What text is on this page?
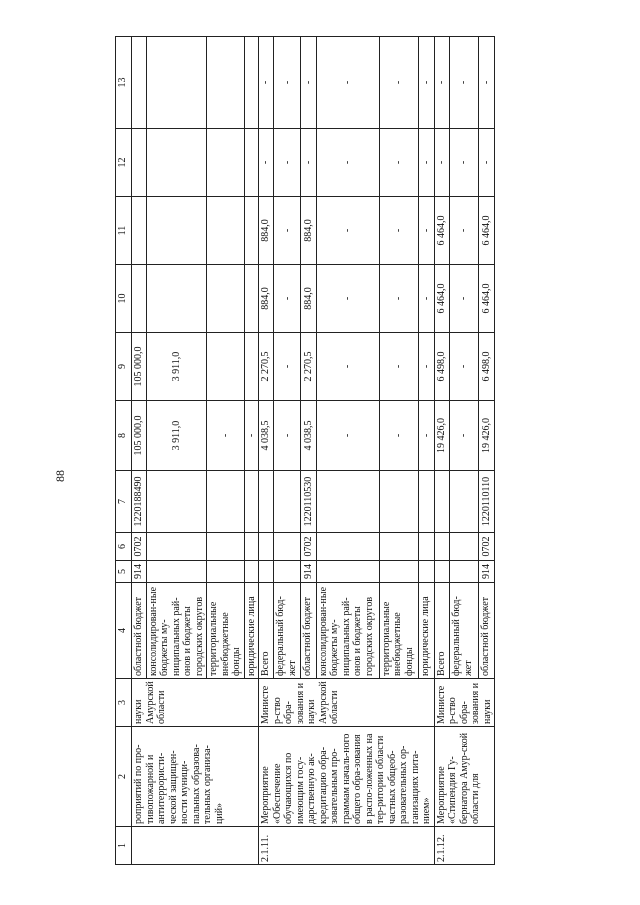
88
1	2	3	4	5	6	7	8	9	10	11	12	13
	роприятий по про-тивопожарной и антитеррористи-ческой защищен-ности муници-пальных образова-тельных организа-ций»	науки Амурской области	областной бюджет	914	0702	1220188490	105 000,0	105 000,0				
			консолидирован-ные бюджеты му-ниципальных рай-онов и бюджеты городских округов				3 911,0	3 911,0				
			территориальные внебюджетные фонды				-					
			юридические лица				-					
2.1.11.	Мероприятие «Обеспечение обучающихся по имеющим госу-дарственную ак-кредитацию обра-зовательным про-граммам началь-ного общего обра-зования в распо-ложенных на тер-ритории области частных общеоб-разовательных ор-ганизациях пита-нием»	Министер-ство обра-зования и науки Амурской области	Всего				4 038,5	2 270,5	884,0	884,0	-	-
			федеральный бюд-жет				-	-	-	-	-	-
			областной бюджет	914	0702	1220110530	4 038,5	2 270,5	884,0	884,0	-	-
			консолидирован-ные бюджеты му-ниципальных рай-онов и бюджеты городских округов				-	-	-	-	-	-
			территориальные внебюджетные фонды				-	-	-	-	-	-
			юридические лица				-	-	-	-	-	-
2.1.12.	Мероприятие «Стипендия Гу-бернатора Амур-ской области для	Министер-ство обра-зования и науки	Всего				19 426,0	6 498,0	6 464,0	6 464,0	-	-
			федеральный бюд-жет				-	-	-	-	-	-
			областной бюджет	914	0702	1220110110	19 426,0	6 498,0	6 464,0	6 464,0	-	-
